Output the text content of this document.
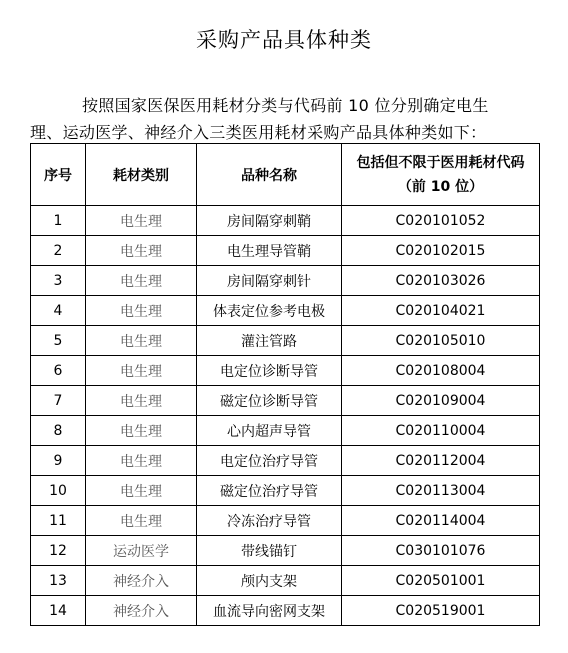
采购产品具体种类
按照国家医保医用耗材分类与代码前 10 位分别确定电生
理、运动医学、神经介入三类医用耗材采购产品具体种类如下：
序号	耗材类别	品种名称	包括但不限于医用耗材代码
（前 10 位）

1	电生理	房间隔穿刺鞘	C020101052
2	电生理	电生理导管鞘	C020102015
3	电生理	房间隔穿刺针	C020103026
4	电生理	体表定位参考电极	C020104021
5	电生理	灌注管路	C020105010
6	电生理	电定位诊断导管	C020108004
7	电生理	磁定位诊断导管	C020109004
8	电生理	心内超声导管	C020110004
9	电生理	电定位治疗导管	C020112004
10	电生理	磁定位治疗导管	C020113004
11	电生理	冷冻治疗导管	C020114004
12	运动医学	带线锚钉	C030101076
13	神经介入	颅内支架	C020501001
14	神经介入	血流导向密网支架	C020519001
